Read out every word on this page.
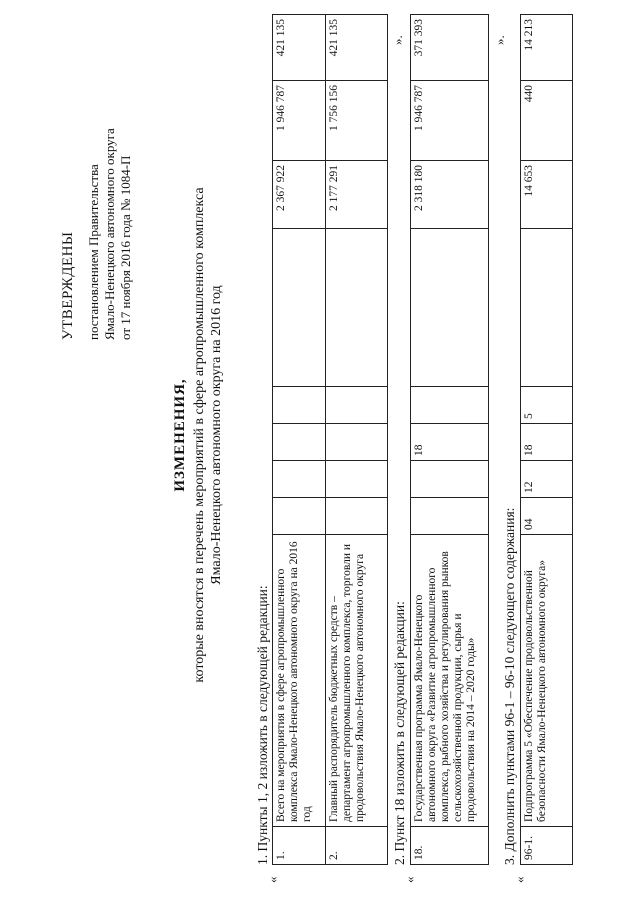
УТВЕРЖДЕНЫ постановлением Правительства Ямало-Ненецкого автономного округа от 17 ноября 2016 года № 1084-П
ИЗМЕНЕНИЯ, которые вносятся в перечень мероприятий в сфере агропромышленного комплекса Ямало-Ненецкого автономного округа на 2016 год
1. Пункты 1, 2 изложить в следующей редакции:
«
1.	Всего на мероприятия в сфере агропромышленного комплекса Ямало-Ненецкого автономного округа на 2016 год						2 367 922	1 946 787	421 135
2.	Главный распорядитель бюджетных средств – департамент агропромышленного комплекса, торговли и продовольствия Ямало-Ненецкого автономного округа						2 177 291	1 756 156	421 135	».
2. Пункт 18 изложить в следующей редакции:
«
18.	Государственная программа Ямало-Ненецкого автономного округа «Развитие агропромышленного комплекса, рыбного хозяйства и регулирования рынков сельскохозяйственной продукции, сырья и продовольствия на 2014 – 2020 годы»			18			2 318 180	1 946 787	371 393	».
3. Дополнить пунктами 96-1 – 96-10 следующего содержания:
«
96-1.	Подпрограмма 5 «Обеспечение продовольственной безопасности Ямало-Ненецкого автономного округа»	04	12	18	5		14 653	440	14 213
